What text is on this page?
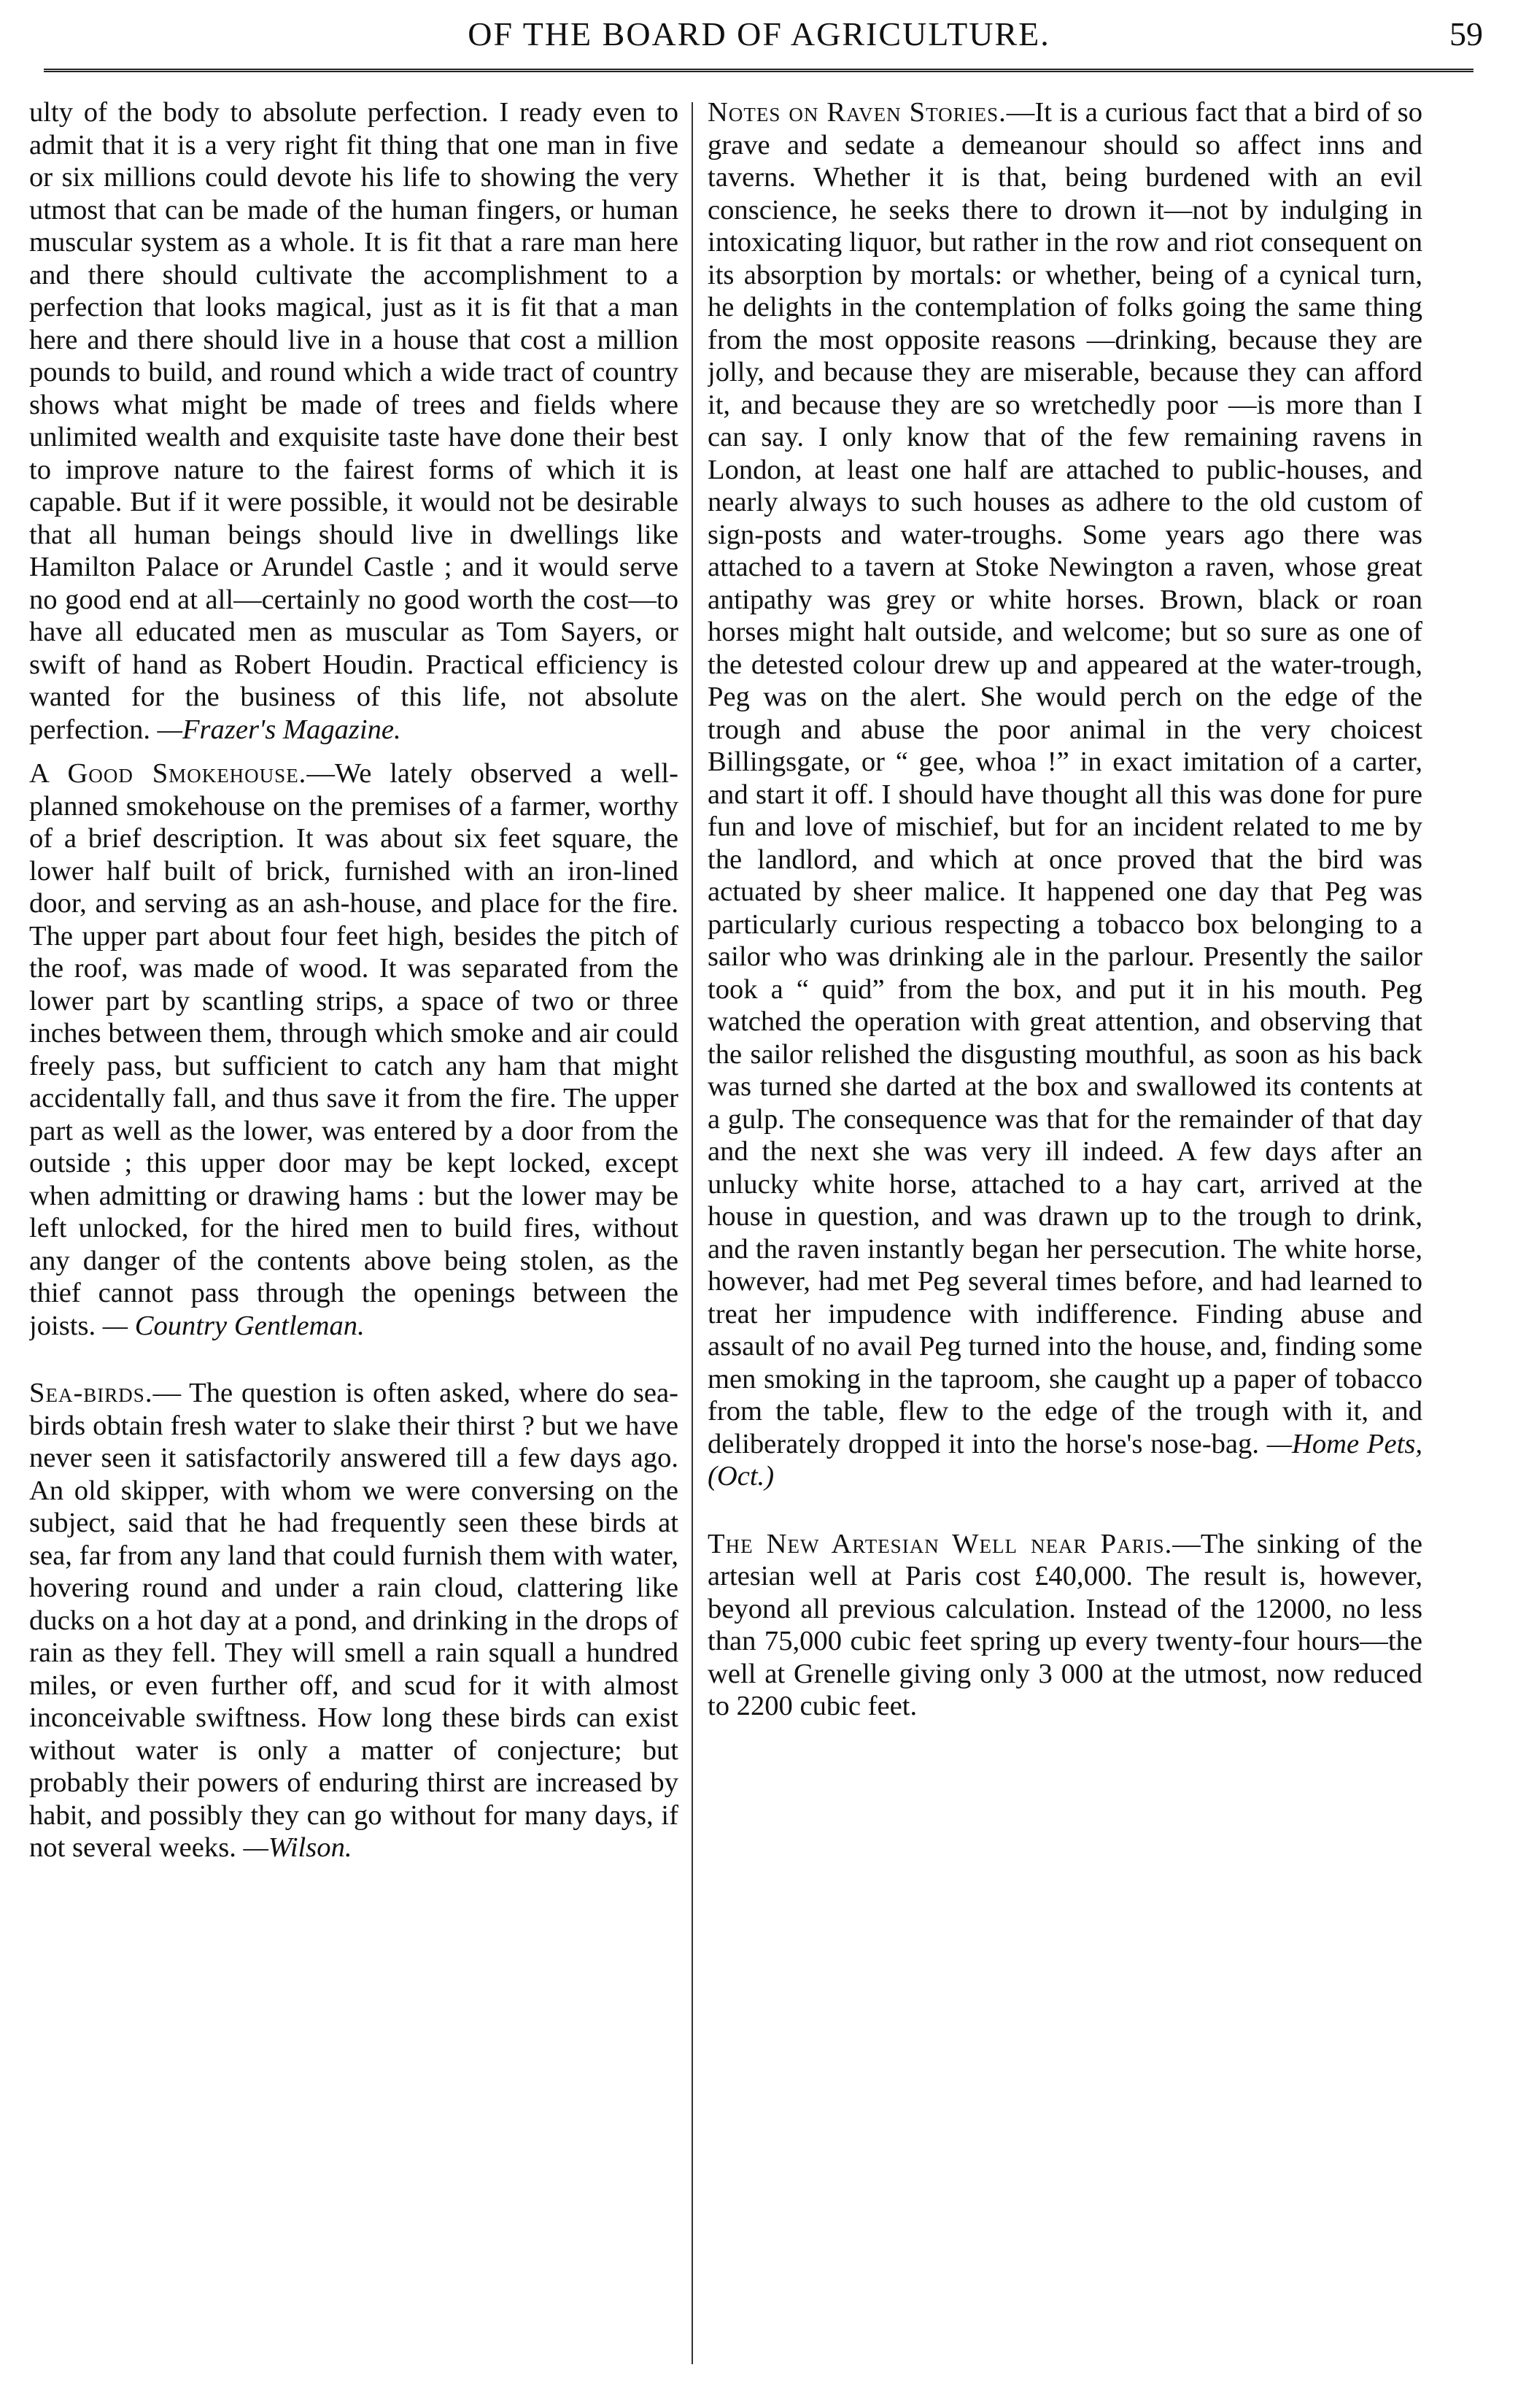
OF THE BOARD OF AGRICULTURE.	59

ulty of the body to absolute perfection. I ready even to admit that it is a very right fit thing that one man in five or six millions could devote his life to showing the very utmost that can be made of the human fingers, or human muscular system as a whole. It is fit that a rare man here and there should cultivate the accomplishment to a perfection that looks magical, just as it is fit that a man here and there should live in a house that cost a million pounds to build, and round which a wide tract of country shows what might be made of trees and fields where unlimited wealth and exquisite taste have done their best to improve nature to the fairest forms of which it is capable. But if it were possible, it would not be desirable that all human beings should live in dwellings like Hamilton Palace or Arundel Castle ; and it would serve no good end at all—certainly no good worth the cost—to have all educated men as muscular as Tom Sayers, or swift of hand as Robert Houdin. Practical efficiency is wanted for the business of this life, not absolute perfection. —Frazer's Magazine.

A Good Smokehouse.—We lately observed a well-planned smokehouse on the premises of a farmer, worthy of a brief description. It was about six feet square, the lower half built of brick, furnished with an iron-lined door, and serving as an ash-house, and place for the fire. The upper part about four feet high, besides the pitch of the roof, was made of wood. It was separated from the lower part by scantling strips, a space of two or three inches between them, through which smoke and air could freely pass, but sufficient to catch any ham that might accidentally fall, and thus save it from the fire. The upper part as well as the lower, was entered by a door from the outside ; this upper door may be kept locked, except when admitting or drawing hams : but the lower may be left unlocked, for the hired men to build fires, without any danger of the contents above being stolen, as the thief cannot pass through the openings between the joists. — Country Gentleman.

Sea-birds.— The question is often asked, where do sea-birds obtain fresh water to slake their thirst ? but we have never seen it satisfactorily answered till a few days ago. An old skipper, with whom we were conversing on the subject, said that he had frequently seen these birds at sea, far from any land that could furnish them with water, hovering round and under a rain cloud, clattering like ducks on a hot day at a pond, and drinking in the drops of rain as they fell. They will smell a rain squall a hundred miles, or even further off, and scud for it with almost inconceivable swiftness. How long these birds can exist without water is only a matter of conjecture; but probably their powers of enduring thirst are increased by habit, and possibly they can go without for many days, if not several weeks. —Wilson.

Notes on Raven Stories.—It is a curious fact that a bird of so grave and sedate a demeanour should so affect inns and taverns. Whether it is that, being burdened with an evil conscience, he seeks there to drown it—not by indulging in intoxicating liquor, but rather in the row and riot consequent on its absorption by mortals: or whether, being of a cynical turn, he delights in the contemplation of folks going the same thing from the most opposite reasons —drinking, because they are jolly, and because they are miserable, because they can afford it, and because they are so wretchedly poor —is more than I can say. I only know that of the few remaining ravens in London, at least one half are attached to public-houses, and nearly always to such houses as adhere to the old custom of sign-posts and water-troughs. Some years ago there was attached to a tavern at Stoke Newington a raven, whose great antipathy was grey or white horses. Brown, black or roan horses might halt outside, and welcome; but so sure as one of the detested colour drew up and appeared at the water-trough, Peg was on the alert. She would perch on the edge of the trough and abuse the poor animal in the very choicest Billingsgate, or “ gee, whoa !” in exact imitation of a carter, and start it off. I should have thought all this was done for pure fun and love of mischief, but for an incident related to me by the landlord, and which at once proved that the bird was actuated by sheer malice. It happened one day that Peg was particularly curious respecting a tobacco box belonging to a sailor who was drinking ale in the parlour. Presently the sailor took a “ quid” from the box, and put it in his mouth. Peg watched the operation with great attention, and observing that the sailor relished the disgusting mouthful, as soon as his back was turned she darted at the box and swallowed its contents at a gulp. The consequence was that for the remainder of that day and the next she was very ill indeed. A few days after an unlucky white horse, attached to a hay cart, arrived at the house in question, and was drawn up to the trough to drink, and the raven instantly began her persecution. The white horse, however, had met Peg several times before, and had learned to treat her impudence with indifference. Finding abuse and assault of no avail Peg turned into the house, and, finding some men smoking in the taproom, she caught up a paper of tobacco from the table, flew to the edge of the trough with it, and deliberately dropped it into the horse's nose-bag. —Home Pets, (Oct.)

The New Artesian Well near Paris.—The sinking of the artesian well at Paris cost £40,000. The result is, however, beyond all previous calculation. Instead of the 12000, no less than 75,000 cubic feet spring up every twenty-four hours—the well at Grenelle giving only 3 000 at the utmost, now reduced to 2200 cubic feet.
